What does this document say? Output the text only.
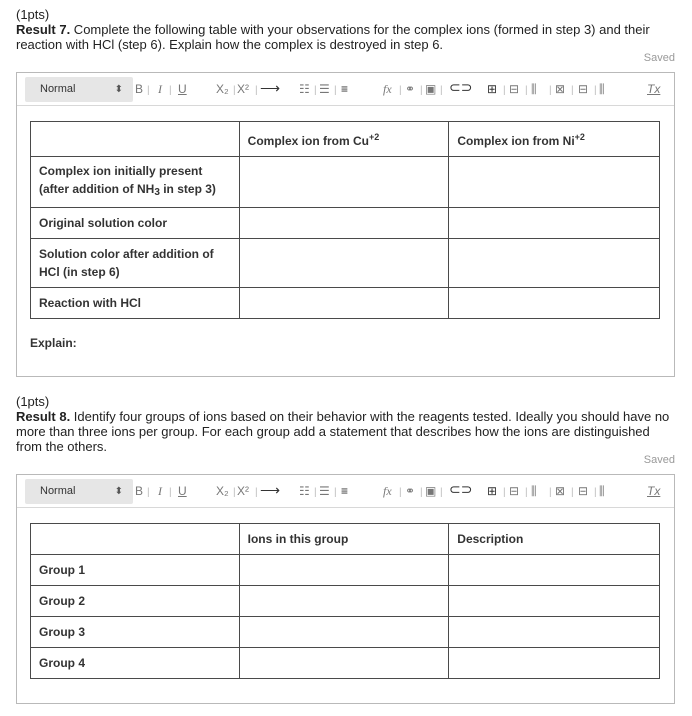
(1pts)
Result 7. Complete the following table with your observations for the complex ions (formed in step 3) and their reaction with HCl (step 6). Explain how the complex is destroyed in step 6.
Saved
Normal	⬍ B | I | U X₂ | X² | ⟶ ☷ | ☰ | ≡	fx | ⚭ | ▣ | ⊂⊃ ⊞ | ⊟ | ⫼ | ⊠ | ⊟ | ⫼	Tx
	Complex ion from $Cu^{+2}$	Complex ion from $Ni^{+2}$

Complex ion initially present
(after addition of $NH_3$ in step 3)		

Original solution color		

Solution color after addition of
HCl (in step 6)		

Reaction with HCl		
Explain:
(1pts)
Result 8. Identify four groups of ions based on their behavior with the reagents tested. Ideally you should have no more than three ions per group. For each group add a statement that describes how the ions are distinguished from the others.
Saved
Normal	⬍ B | I | U X₂ | X² | ⟶ ☷ | ☰ | ≡	fx | ⚭ | ▣ | ⊂⊃ ⊞ | ⊟ | ⫼ | ⊠ | ⊟ | ⫼	Tx
	Ions in this group	Description
Group 1		
Group 2		
Group 3		
Group 4		
